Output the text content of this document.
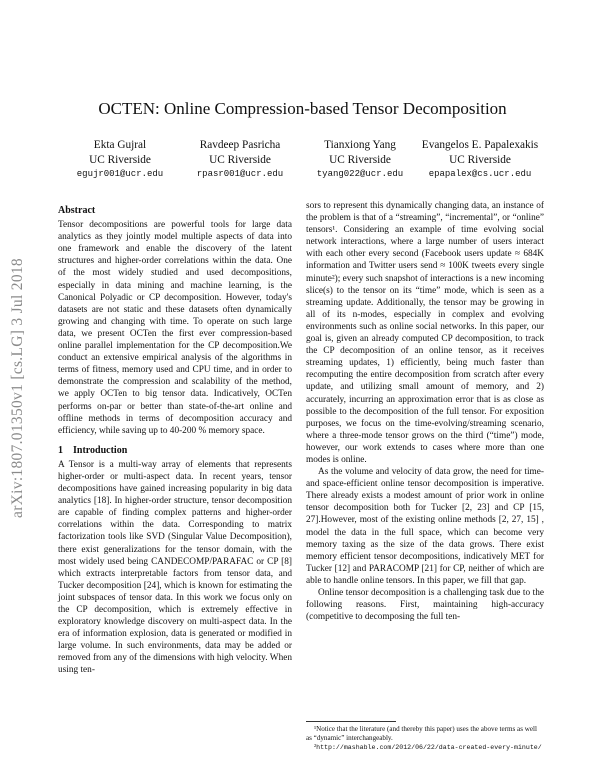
arXiv:1807.01350v1 [cs.LG] 3 Jul 2018
OCTEN: Online Compression-based Tensor Decomposition
Ekta Gujral
UC Riverside
egujr001@ucr.edu
Ravdeep Pasricha
UC Riverside
rpasr001@ucr.edu
Tianxiong Yang
UC Riverside
tyang022@ucr.edu
Evangelos E. Papalexakis
UC Riverside
epapalex@cs.ucr.edu
Abstract

Tensor decompositions are powerful tools for large data analytics as they jointly model multiple aspects of data into one framework and enable the discovery of the latent structures and higher-order correlations within the data. One of the most widely studied and used decompositions, especially in data mining and machine learning, is the Canonical Polyadic or CP decomposition. However, today's datasets are not static and these datasets often dynamically growing and changing with time. To operate on such large data, we present OCTen the first ever compression-based online parallel implementation for the CP decomposition.We conduct an extensive empirical analysis of the algorithms in terms of fitness, memory used and CPU time, and in order to demonstrate the compression and scalability of the method, we apply OCTen to big tensor data. Indicatively, OCTen performs on-par or better than state-of-the-art online and offline methods in terms of decomposition accuracy and efficiency, while saving up to 40-200 % memory space.

1 Introduction

A Tensor is a multi-way array of elements that represents higher-order or multi-aspect data. In recent years, tensor decompositions have gained increasing popularity in big data analytics [18]. In higher-order structure, tensor decomposition are capable of finding complex patterns and higher-order correlations within the data. Corresponding to matrix factorization tools like SVD (Singular Value Decomposition), there exist generalizations for the tensor domain, with the most widely used being CANDECOMP/PARAFAC or CP [8] which extracts interpretable factors from tensor data, and Tucker decomposition [24], which is known for estimating the joint subspaces of tensor data. In this work we focus only on the CP decomposition, which is extremely effective in exploratory knowledge discovery on multi-aspect data. In the era of information explosion, data is generated or modified in large volume. In such environments, data may be added or removed from any of the dimensions with high velocity. When using ten-

sors to represent this dynamically changing data, an instance of the problem is that of a “streaming”, “incremental”, or “online” tensors¹. Considering an example of time evolving social network interactions, where a large number of users interact with each other every second (Facebook users update ≈ 684K information and Twitter users send ≈ 100K tweets every single minute²); every such snapshot of interactions is a new incoming slice(s) to the tensor on its “time” mode, which is seen as a streaming update. Additionally, the tensor may be growing in all of its n-modes, especially in complex and evolving environments such as online social networks. In this paper, our goal is, given an already computed CP decomposition, to track the CP decomposition of an online tensor, as it receives streaming updates, 1) efficiently, being much faster than recomputing the entire decomposition from scratch after every update, and utilizing small amount of memory, and 2) accurately, incurring an approximation error that is as close as possible to the decomposition of the full tensor. For exposition purposes, we focus on the time-evolving/streaming scenario, where a three-mode tensor grows on the third (“time”) mode, however, our work extends to cases where more than one modes is online.

As the volume and velocity of data grow, the need for time- and space-efficient online tensor decomposition is imperative. There already exists a modest amount of prior work in online tensor decomposition both for Tucker [2, 23] and CP [15, 27].However, most of the existing online methods [2, 27, 15] , model the data in the full space, which can become very memory taxing as the size of the data grows. There exist memory efficient tensor decompositions, indicatively MET for Tucker [12] and PARACOMP [21] for CP, neither of which are able to handle online tensors. In this paper, we fill that gap.

Online tensor decomposition is a challenging task due to the following reasons. First, maintaining high-accuracy (competitive to decomposing the full ten-

¹Notice that the literature (and thereby this paper) uses the above terms as well as “dynamic” interchangeably.
²http://mashable.com/2012/06/22/data-created-every-minute/
